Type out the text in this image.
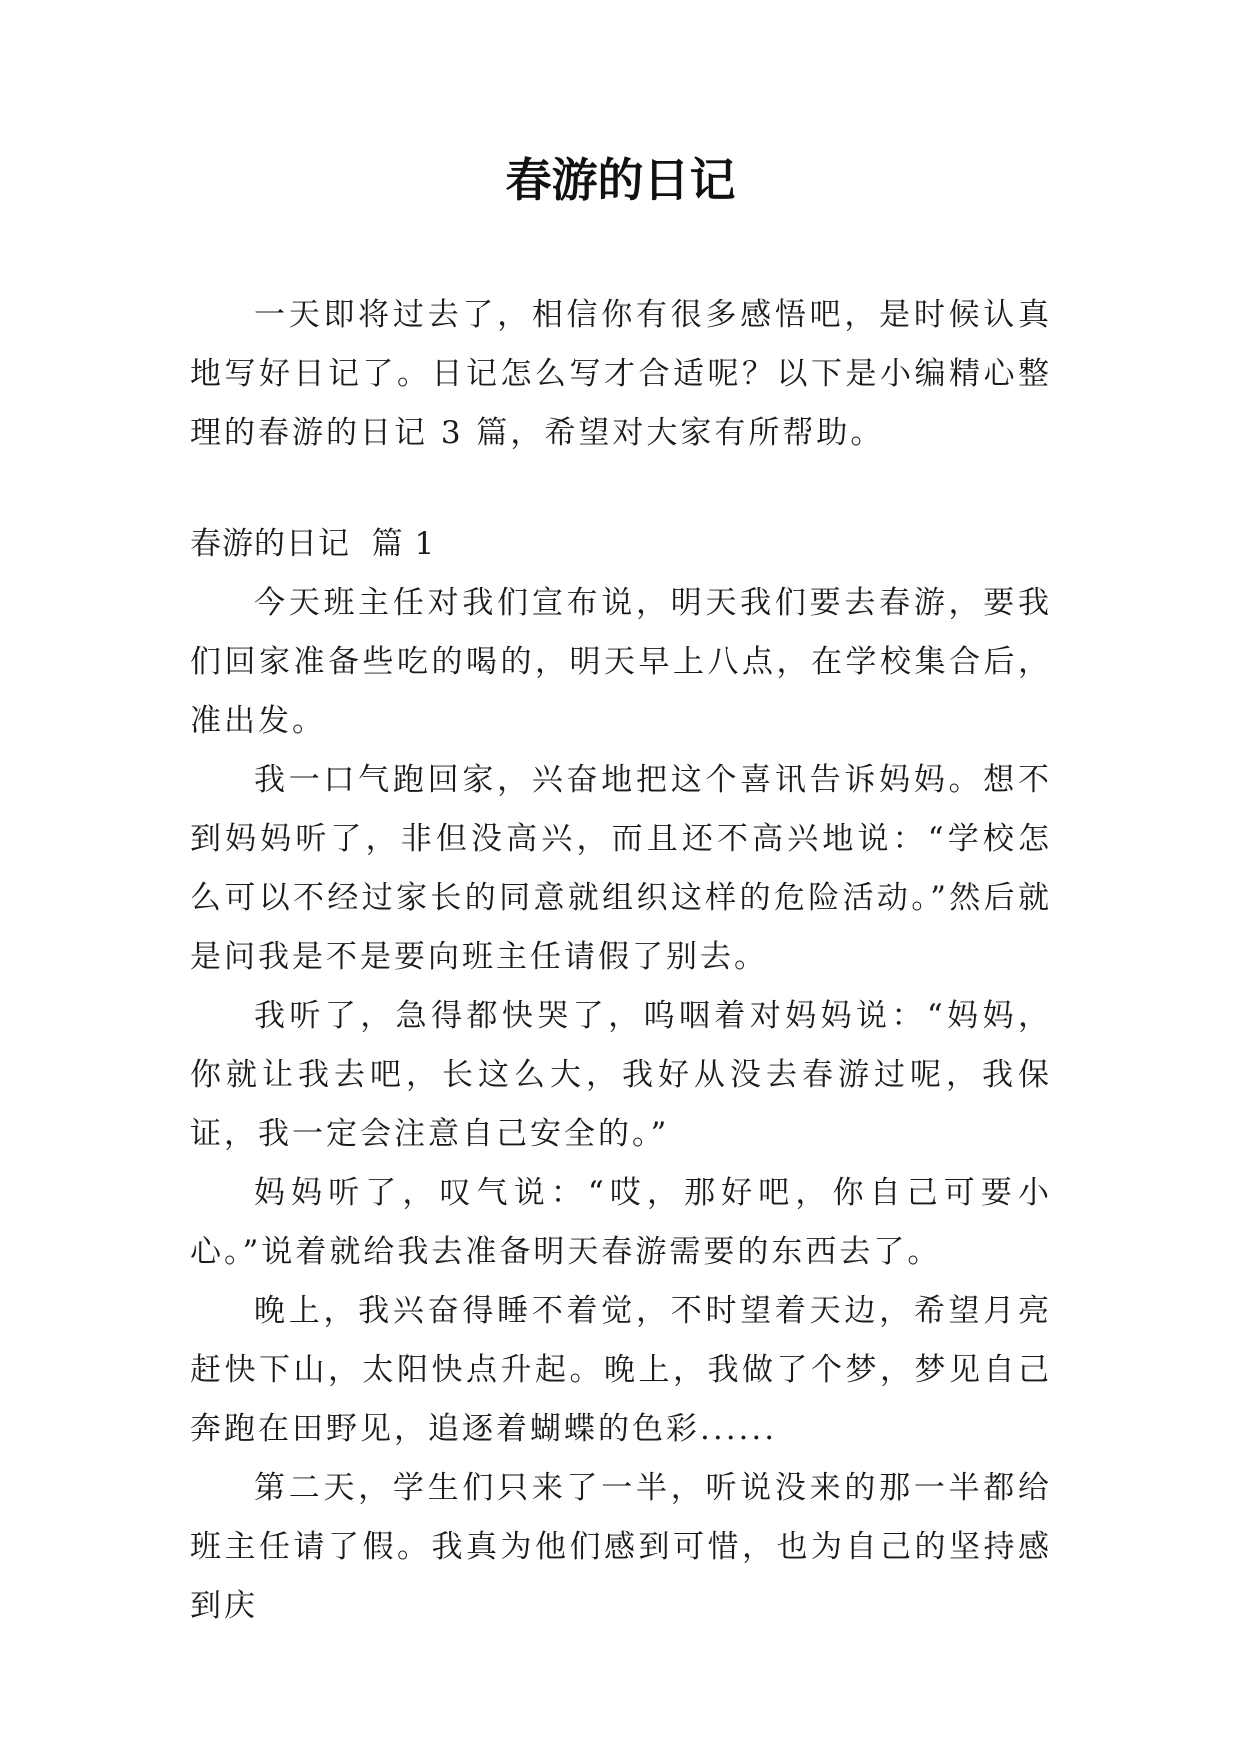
春游的日记

一天即将过去了，相信你有很多感悟吧，是时候认真地写好日记了。日记怎么写才合适呢？以下是小编精心整理的春游的日记 3 篇，希望对大家有所帮助。

春游的日记  篇 1

今天班主任对我们宣布说，明天我们要去春游，要我们回家准备些吃的喝的，明天早上八点，在学校集合后，准出发。

我一口气跑回家，兴奋地把这个喜讯告诉妈妈。想不到妈妈听了，非但没高兴，而且还不高兴地说：“学校怎么可以不经过家长的同意就组织这样的危险活动。”然后就是问我是不是要向班主任请假了别去。

我听了，急得都快哭了，呜咽着对妈妈说：“妈妈，你就让我去吧，长这么大，我好从没去春游过呢，我保证，我一定会注意自己安全的。”

妈妈听了，叹气说：“哎，那好吧，你自己可要小心。”说着就给我去准备明天春游需要的东西去了。

晚上，我兴奋得睡不着觉，不时望着天边，希望月亮赶快下山，太阳快点升起。晚上，我做了个梦，梦见自己奔跑在田野见，追逐着蝴蝶的色彩......

第二天，学生们只来了一半，听说没来的那一半都给班主任请了假。我真为他们感到可惜，也为自己的坚持感到庆
